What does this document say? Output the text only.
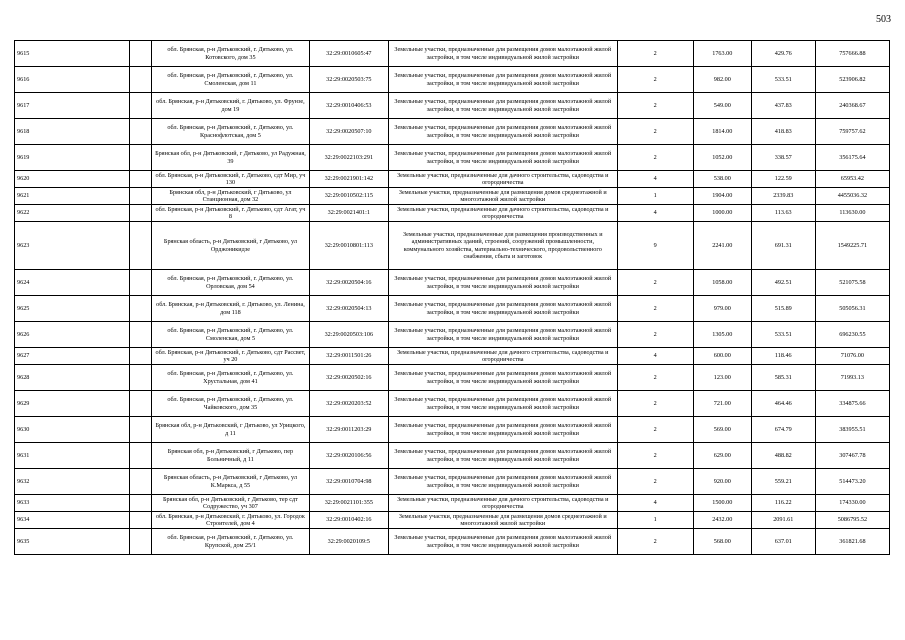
503
9615		обл. Брянская, р-н Дятьковский, г. Дятьково, ул. Котовского, дом 35	32:29:0010605:47	Земельные участки, предназначенные для размещения домов малоэтажной жилой застройки, в том числе индивидуальной жилой застройки	2	1763.00	429.76	757666.88
9616		обл. Брянская, р-н Дятьковский, г. Дятьково, ул. Смоленская, дом 11	32:29:0020503:75	Земельные участки, предназначенные для размещения домов малоэтажной жилой застройки, в том числе индивидуальной жилой застройки	2	982.00	533.51	523906.82
9617		обл. Брянская, р-н Дятьковский, г. Дятьково, ул. Фрунзе, дом 19	32:29:0010406:53	Земельные участки, предназначенные для размещения домов малоэтажной жилой застройки, в том числе индивидуальной жилой застройки	2	549.00	437.83	240368.67
9618		обл. Брянская, р-н Дятьковский, г. Дятьково, ул. Краснофлотская, дом 5	32:29:0020507:10	Земельные участки, предназначенные для размещения домов малоэтажной жилой застройки, в том числе индивидуальной жилой застройки	2	1814.00	418.83	759757.62
9619		Брянская обл, р-н Дятьковский, г Дятьково, ул Радужная, 39	32:29:0022103:291	Земельные участки, предназначенные для размещения домов малоэтажной жилой застройки, в том числе индивидуальной жилой застройки	2	1052.00	338.57	356175.64
9620		обл. Брянская, р-н Дятьковский, г. Дятьково, сдт Мир, уч 130	32:29:0021901:142	Земельные участки, предназначенные для дачного строительства, садоводства и огородничества	4	538.00	122.59	65953.42
9621		Брянская обл, р-н Дятьковский, г Дятьково, ул Станционная, дом 32	32:29:0010502:115	Земельные участки, предназначенные для размещения домов среднеэтажной и многоэтажной жилой застройки	1	1904.00	2339.83	4455036.32
9622		обл. Брянская, р-н Дятьковский, г. Дятьково, сдт Агат, уч 8	32:29:0021401:1	Земельные участки, предназначенные для дачного строительства, садоводства и огородничества	4	1000.00	113.63	113630.00
9623		Брянская область, р-н Дятьковский, г Дятьково, ул Орджоникидзе	32:29:0010801:113	Земельные участки, предназначенные для размещения производственных и административных зданий, строений, сооружений промышленности, коммунального хозяйства, материально-технического, продовольственного снабжения, сбыта и заготовок	9	2241.00	691.31	1549225.71
9624		обл. Брянская, р-н Дятьковский, г. Дятьково, ул. Орловская, дом 54	32:29:0020504:16	Земельные участки, предназначенные для размещения домов малоэтажной жилой застройки, в том числе индивидуальной жилой застройки	2	1058.00	492.51	521075.58
9625		обл. Брянская, р-н Дятьковский, г. Дятьково, ул. Ленина, дом 118	32:29:0020504:13	Земельные участки, предназначенные для размещения домов малоэтажной жилой застройки, в том числе индивидуальной жилой застройки	2	979.00	515.89	505056.31
9626		обл. Брянская, р-н Дятьковский, г. Дятьково, ул. Смоленская, дом 5	32:29:0020503:106	Земельные участки, предназначенные для размещения домов малоэтажной жилой застройки, в том числе индивидуальной жилой застройки	2	1305.00	533.51	696230.55
9627		обл. Брянская, р-н Дятьковский, г. Дятьково, сдт Рассвет, уч 20	32:29:0011501:26	Земельные участки, предназначенные для дачного строительства, садоводства и огородничества	4	600.00	118.46	71076.00
9628		обл. Брянская, р-н Дятьковский, г. Дятьково, ул. Хрустальная, дом 41	32:29:0020502:16	Земельные участки, предназначенные для размещения домов малоэтажной жилой застройки, в том числе индивидуальной жилой застройки	2	123.00	585.31	71993.13
9629		обл. Брянская, р-н Дятьковский, г. Дятьково, ул. Чайковского, дом 35	32:29:0020203:52	Земельные участки, предназначенные для размещения домов малоэтажной жилой застройки, в том числе индивидуальной жилой застройки	2	721.00	464.46	334875.66
9630		Брянская обл, р-н Дятьковский, г Дятьково, ул Урицкого, д 11	32:29:0011203:29	Земельные участки, предназначенные для размещения домов малоэтажной жилой застройки, в том числе индивидуальной жилой застройки	2	569.00	674.79	383955.51
9631		Брянская обл, р-н Дятьковский, г Дятьково, пер Больничный, д 11	32:29:0020106:56	Земельные участки, предназначенные для размещения домов малоэтажной жилой застройки, в том числе индивидуальной жилой застройки	2	629.00	488.82	307467.78
9632		Брянская область, р-н Дятьковский, г Дятьково, ул К.Маркса, д 55	32:29:0010704:98	Земельные участки, предназначенные для размещения домов малоэтажной жилой застройки, в том числе индивидуальной жилой застройки	2	920.00	559.21	514473.20
9633		Брянская обл, р-н Дятьковский, г Дятьково, тер сдт Содружество, уч 307	32:29:0021101:355	Земельные участки, предназначенные для дачного строительства, садоводства и огородничества	4	1500.00	116.22	174330.00
9634		обл. Брянская, р-н Дятьковский, г. Дятьково, ул. Городок Строителей, дом 4	32:29:0010402:16	Земельные участки, предназначенные для размещения домов среднеэтажной и многоэтажной жилой застройки	1	2432.00	2091.61	5086795.52
9635		обл. Брянская, р-н Дятьковский, г. Дятьково, ул. Крупской, дом 25/1	32:29:0020109:5	Земельные участки, предназначенные для размещения домов малоэтажной жилой застройки, в том числе индивидуальной жилой застройки	2	568.00	637.01	361821.68
